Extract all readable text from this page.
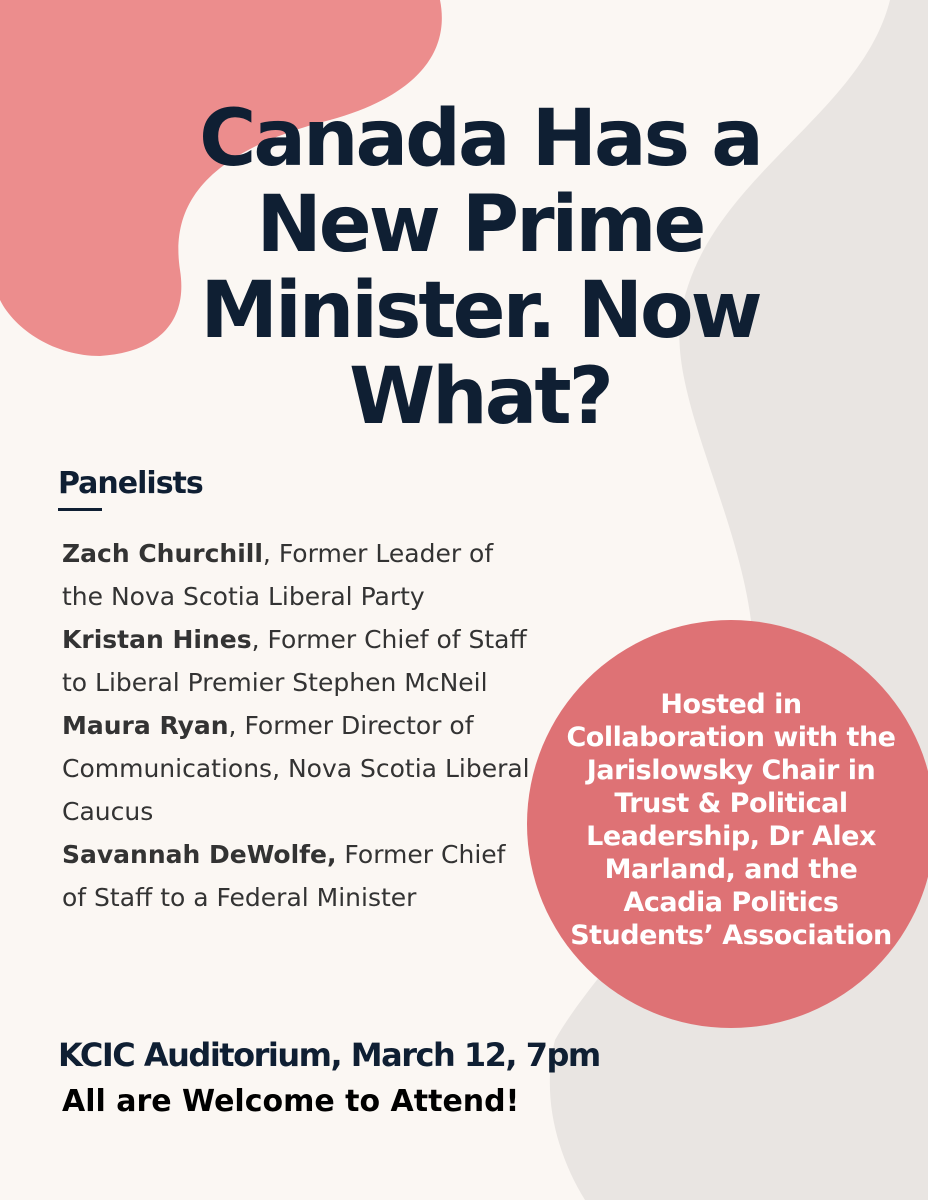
Canada Has a
New Prime
Minister. Now
What?
Panelists
Zach Churchill, Former Leader of the Nova Scotia Liberal Party
Kristan Hines, Former Chief of Staff to Liberal Premier Stephen McNeil
Maura Ryan, Former Director of Communications, Nova Scotia Liberal Caucus
Savannah DeWolfe, Former Chief of Staff to a Federal Minister
Hosted in Collaboration with the Jarislowsky Chair in Trust & Political Leadership, Dr Alex Marland, and the Acadia Politics Students’ Association

KCIC Auditorium, March 12, 7pm

All are Welcome to Attend!
